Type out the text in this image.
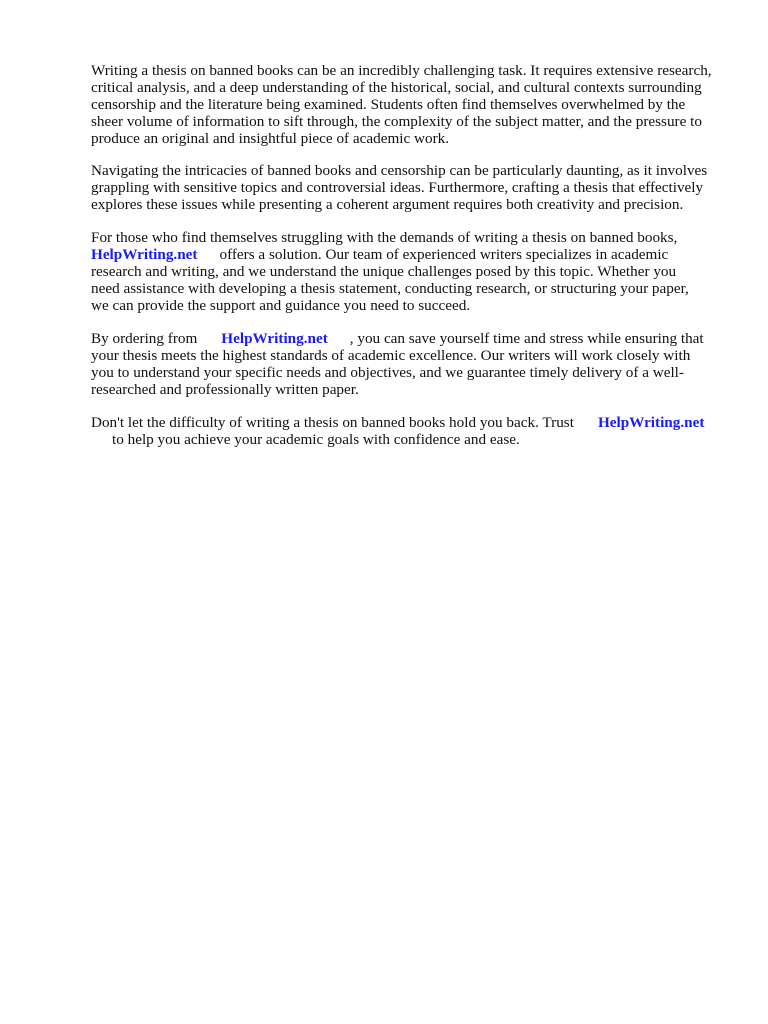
Writing a thesis on banned books can be an incredibly challenging task. It requires extensive research,
critical analysis, and a deep understanding of the historical, social, and cultural contexts surrounding
censorship and the literature being examined. Students often find themselves overwhelmed by the
sheer volume of information to sift through, the complexity of the subject matter, and the pressure to
produce an original and insightful piece of academic work.

Navigating the intricacies of banned books and censorship can be particularly daunting, as it involves
grappling with sensitive topics and controversial ideas. Furthermore, crafting a thesis that effectively
explores these issues while presenting a coherent argument requires both creativity and precision.

For those who find themselves struggling with the demands of writing a thesis on banned books,
HelpWriting.net offers a solution. Our team of experienced writers specializes in academic
research and writing, and we understand the unique challenges posed by this topic. Whether you
need assistance with developing a thesis statement, conducting research, or structuring your paper,
we can provide the support and guidance you need to succeed.

By ordering from HelpWriting.net , you can save yourself time and stress while ensuring that
your thesis meets the highest standards of academic excellence. Our writers will work closely with
you to understand your specific needs and objectives, and we guarantee timely delivery of a well-
researched and professionally written paper.

Don't let the difficulty of writing a thesis on banned books hold you back. Trust HelpWriting.net
to help you achieve your academic goals with confidence and ease.
